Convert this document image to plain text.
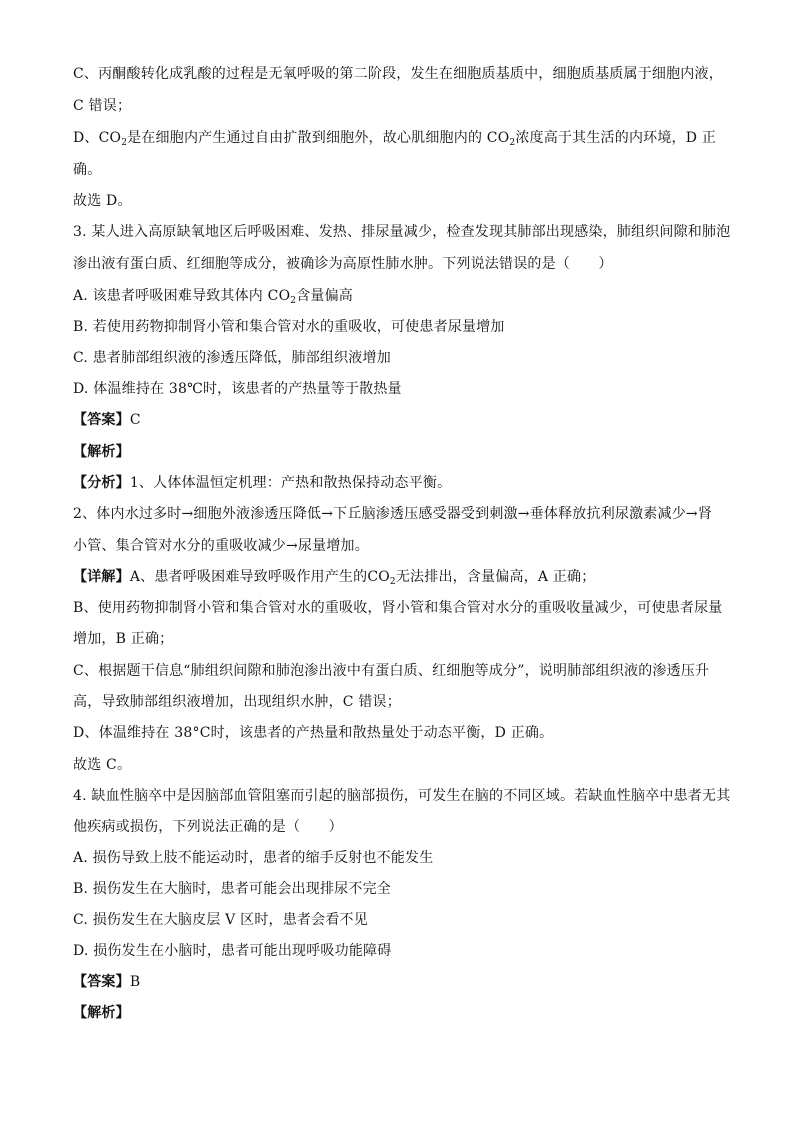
C、丙酮酸转化成乳酸的过程是无氧呼吸的第二阶段，发生在细胞质基质中，细胞质基质属于细胞内液，
C 错误；
D、$CO_2$是在细胞内产生通过自由扩散到细胞外，故心肌细胞内的 $CO_2$浓度高于其生活的内环境，D 正
确。
故选 D。
3. 某人进入高原缺氧地区后呼吸困难、发热、排尿量减少，检查发现其肺部出现感染，肺组织间隙和肺泡
渗出液有蛋白质、红细胞等成分，被确诊为高原性肺水肿。下列说法错误的是（　　）
A. 该患者呼吸困难导致其体内 $CO_2$含量偏高
B. 若使用药物抑制肾小管和集合管对水的重吸收，可使患者尿量增加
C. 患者肺部组织液的渗透压降低，肺部组织液增加
D. 体温维持在 38℃时，该患者的产热量等于散热量
【答案】C
【解析】
【分析】1、人体体温恒定机理：产热和散热保持动态平衡。
2、体内水过多时→细胞外液渗透压降低→下丘脑渗透压感受器受到刺激→垂体释放抗利尿激素减少→肾
小管、集合管对水分的重吸收减少→尿量增加。
【详解】A、患者呼吸困难导致呼吸作用产生的$CO_2$无法排出，含量偏高，A 正确；
B、使用药物抑制肾小管和集合管对水的重吸收，肾小管和集合管对水分的重吸收量减少，可使患者尿量
增加，B 正确；
C、根据题干信息“肺组织间隙和肺泡渗出液中有蛋白质、红细胞等成分”，说明肺部组织液的渗透压升
高，导致肺部组织液增加，出现组织水肿，C 错误；
D、体温维持在 38°C时，该患者的产热量和散热量处于动态平衡，D 正确。
故选 C。
4. 缺血性脑卒中是因脑部血管阻塞而引起的脑部损伤，可发生在脑的不同区域。若缺血性脑卒中患者无其
他疾病或损伤，下列说法正确的是（　　）
A. 损伤导致上肢不能运动时，患者的缩手反射也不能发生
B. 损伤发生在大脑时，患者可能会出现排尿不完全
C. 损伤发生在大脑皮层 V 区时，患者会看不见
D. 损伤发生在小脑时，患者可能出现呼吸功能障碍
【答案】B
【解析】
